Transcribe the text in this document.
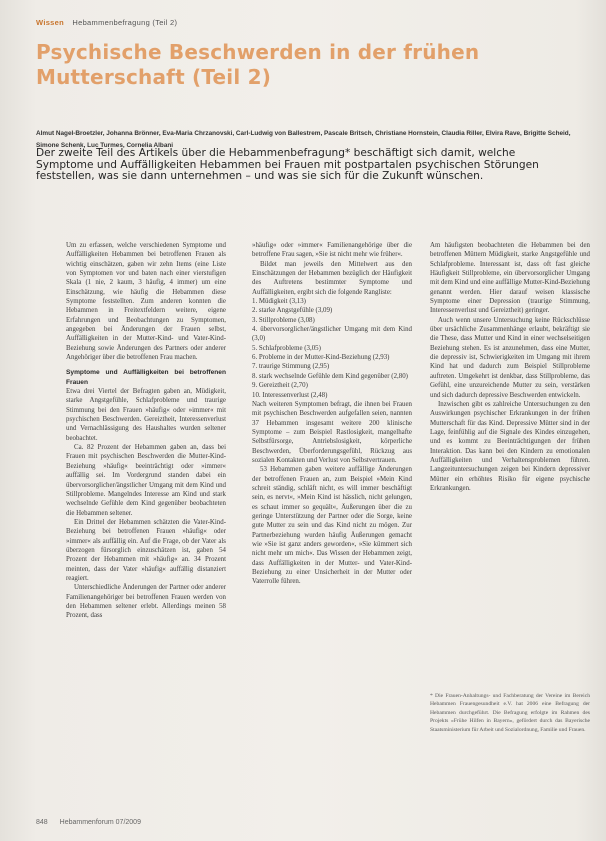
Wissen Hebammenbefragung (Teil 2)
Psychische Beschwerden in der frühen Mutterschaft (Teil 2)
Almut Nagel-Broetzler, Johanna Brönner, Eva-Maria Chrzanovski, Carl-Ludwig von Ballestrem, Pascale Britsch, Christiane Hornstein, Claudia Riller, Elvira Rave, Brigitte Scheid, Simone Schenk, Luc Turmes, Cornelia Albani
Der zweite Teil des Artikels über die Hebammenbefragung* beschäftigt sich damit, welche Symptome und Auffälligkeiten Hebammen bei Frauen mit postpartalen psychischen Störungen feststellen, was sie dann unternehmen – und was sie sich für die Zukunft wünschen.

Um zu erfassen, welche verschiedenen Symptome und Auffälligkeiten Hebammen bei betroffenen Frauen als wichtig einschätzen, gaben wir zehn Items (eine Liste von Symptomen vor und baten nach einer vierstufigen Skala (1 nie, 2 kaum, 3 häufig, 4 immer) um eine Einschätzung, wie häufig die Hebammen diese Symptome feststellten. Zum anderen konnten die Hebammen in Freitextfeldern weitere, eigene Erfahrungen und Beobachtungen zu Symptomen, angegeben bei Änderungen der Frauen selbst, Auffälligkeiten in der Mutter-Kind- und Vater-Kind-Beziehung sowie Änderungen des Partners oder anderer Angehöriger über die betroffenen Frau machen.

Symptome und Auffälligkeiten bei betroffenen Frauen

Etwa drei Viertel der Befragten gaben an, Müdigkeit, starke Angstgefühle, Schlafprobleme und traurige Stimmung bei den Frauen »häufig« oder »immer« mit psychischen Beschwerden. Gereiztheit, Interessenverlust und Vernachlässigung des Haushaltes wurden seltener beobachtet.

Ca. 82 Prozent der Hebammen gaben an, dass bei Frauen mit psychischen Beschwerden die Mutter-Kind-Beziehung »häufig« beeinträchtigt oder »immer« auffällig sei. Im Vordergrund standen dabei ein übervorsorglicher/ängstlicher Umgang mit dem Kind und Stillprobleme. Mangelndes Interesse am Kind und stark wechselnde Gefühle dem Kind gegenüber beobachteten die Hebammen seltener.

Ein Drittel der Hebammen schätzten die Vater-Kind-Beziehung bei betroffenen Frauen »häufig« oder »immer« als auffällig ein. Auf die Frage, ob der Vater als überzogen fürsorglich einzuschätzen ist, gaben 54 Prozent der Hebammen mit »häufig« an. 34 Prozent meinten, dass der Vater »häufig« auffällig distanziert reagiert.

Unterschiedliche Änderungen der Partner oder anderer Familienangehöriger bei betroffenen Frauen werden von den Hebammen seltener erlebt. Allerdings meinen 58 Prozent, dass

»häufig« oder »immer« Familienangehörige über die betroffene Frau sagen, »Sie ist nicht mehr wie früher«.

Bildet man jeweils den Mittelwert aus den Einschätzungen der Hebammen bezüglich der Häufigkeit des Auftretens bestimmter Symptome und Auffälligkeiten, ergibt sich die folgende Rangliste:

1. Müdigkeit (3,13)
2. starke Angstgefühle (3,09)
3. Stillprobleme (3,08)
4. übervorsorglicher/ängstlicher Umgang mit dem Kind (3,0)
5. Schlafprobleme (3,05)
6. Probleme in der Mutter-Kind-Beziehung (2,93)
7. traurige Stimmung (2,95)
8. stark wechselnde Gefühle dem Kind gegenüber (2,80)
9. Gereiztheit (2,70)
10. Interessenverlust (2,48)

Nach weiteren Symptomen befragt, die ihnen bei Frauen mit psychischen Beschwerden aufgefallen seien, nannten 37 Hebammen insgesamt weitere 200 klinische Symptome – zum Beispiel Rastlosigkeit, mangelhafte Selbstfürsorge, Antriebslosigkeit, körperliche Beschwerden, Überforderungsgefühl, Rückzug aus sozialen Kontakten und Verlust von Selbstvertrauen.

53 Hebammen gaben weitere auffällige Änderungen der betroffenen Frauen an, zum Beispiel »Mein Kind schreit ständig, schläft nicht, es will immer beschäftigt sein, es nervt«, »Mein Kind ist hässlich, nicht gelungen, es schaut immer so gequält«, Äußerungen über die zu geringe Unterstützung der Partner oder die Sorge, keine gute Mutter zu sein und das Kind nicht zu mögen. Zur Partnerbeziehung wurden häufig Äußerungen gemacht wie »Sie ist ganz anders geworden«, »Sie kümmert sich nicht mehr um mich«. Das Wissen der Hebammen zeigt, dass Auffälligkeiten in der Mutter- und Vater-Kind-Beziehung zu einer Unsicherheit in der Mutter oder Vaterrolle führen.

Am häufigsten beobachteten die Hebammen bei den betroffenen Müttern Müdigkeit, starke Angstgefühle und Schlafprobleme. Interessant ist, dass oft fast gleiche Häufigkeit Stillprobleme, ein übervorsorglicher Umgang mit dem Kind und eine auffällige Mutter-Kind-Beziehung genannt werden. Hier darauf weisen klassische Symptome einer Depression (traurige Stimmung, Interessenverlust und Gereiztheit) geringer.

Auch wenn unsere Untersuchung keine Rückschlüsse über ursächliche Zusammenhänge erlaubt, bekräftigt sie die These, dass Mutter und Kind in einer wechselseitigen Beziehung stehen. Es ist anzunehmen, dass eine Mutter, die depressiv ist, Schwierigkeiten im Umgang mit ihrem Kind hat und dadurch zum Beispiel Stillprobleme auftreten. Umgekehrt ist denkbar, dass Stillprobleme, das Gefühl, eine unzureichende Mutter zu sein, verstärken und sich dadurch depressive Beschwerden entwickeln.

Inzwischen gibt es zahlreiche Untersuchungen zu den Auswirkungen psychischer Erkrankungen in der frühen Mutterschaft für das Kind. Depressive Mütter sind in der Lage, feinfühlig auf die Signale des Kindes einzugehen, und es kommt zu Beeinträchtigungen der frühen Interaktion. Das kann bei den Kindern zu emotionalen Auffälligkeiten und Verhaltensproblemen führen. Langzeituntersuchungen zeigen bei Kindern depressiver Mütter ein erhöhtes Risiko für eigene psychische Erkrankungen.

* Die Frauen-Anhaltungs- und Fachberatung der Vereine im Bereich Hebammen Frauengesundheit e.V. hat 2006 eine Befragung der Hebammen durchgeführt. Die Befragung erfolgte im Rahmen des Projekts »Frühe Hilfen in Bayern«, gefördert durch das Bayerische Staatsministerium für Arbeit und Sozialordnung, Familie und Frauen.
848 Hebammenforum 07/2009
